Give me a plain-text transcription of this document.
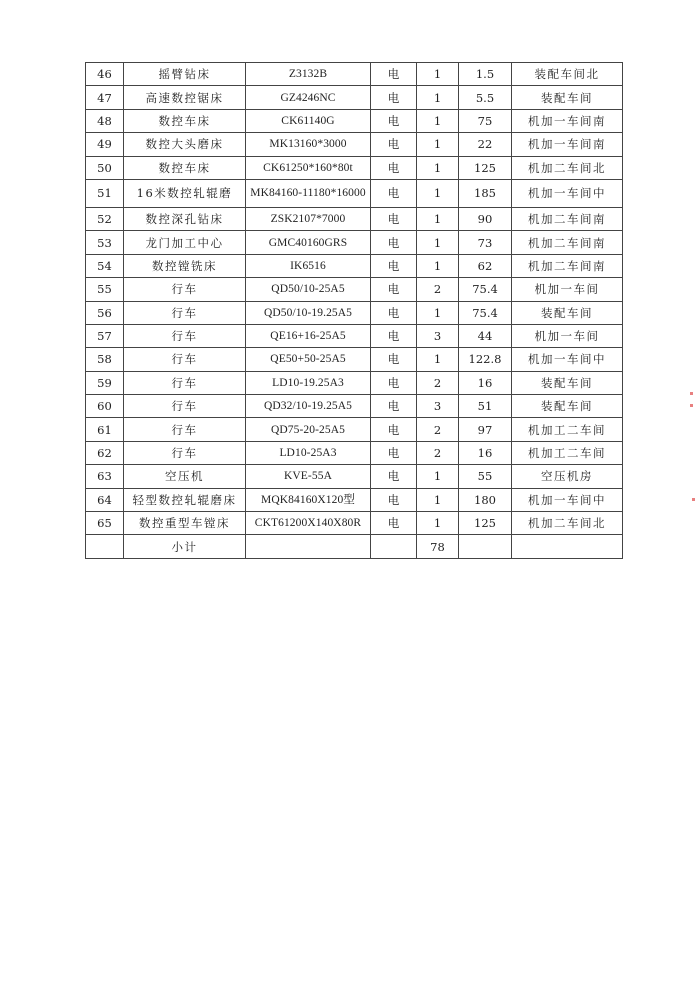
46	摇臂钻床	Z3132B	电	1	1.5	装配车间北
47	高速数控锯床	GZ4246NC	电	1	5.5	装配车间
48	数控车床	CK61140G	电	1	75	机加一车间南
49	数控大头磨床	MK13160*3000	电	1	22	机加一车间南
50	数控车床	CK61250*160*80t	电	1	125	机加二车间北
51	16米数控轧辊磨	MK84160-11180*16000	电	1	185	机加一车间中
52	数控深孔钻床	ZSK2107*7000	电	1	90	机加二车间南
53	龙门加工中心	GMC40160GRS	电	1	73	机加二车间南
54	数控镗铣床	IK6516	电	1	62	机加二车间南
55	行车	QD50/10-25A5	电	2	75.4	机加一车间
56	行车	QD50/10-19.25A5	电	1	75.4	装配车间
57	行车	QE16+16-25A5	电	3	44	机加一车间
58	行车	QE50+50-25A5	电	1	122.8	机加一车间中
59	行车	LD10-19.25A3	电	2	16	装配车间
60	行车	QD32/10-19.25A5	电	3	51	装配车间
61	行车	QD75-20-25A5	电	2	97	机加工二车间
62	行车	LD10-25A3	电	2	16	机加工二车间
63	空压机	KVE-55A	电	1	55	空压机房
64	轻型数控轧辊磨床	MQK84160X120型	电	1	180	机加一车间中
65	数控重型车镗床	CKT61200X140X80R	电	1	125	机加二车间北
	小计			78		
